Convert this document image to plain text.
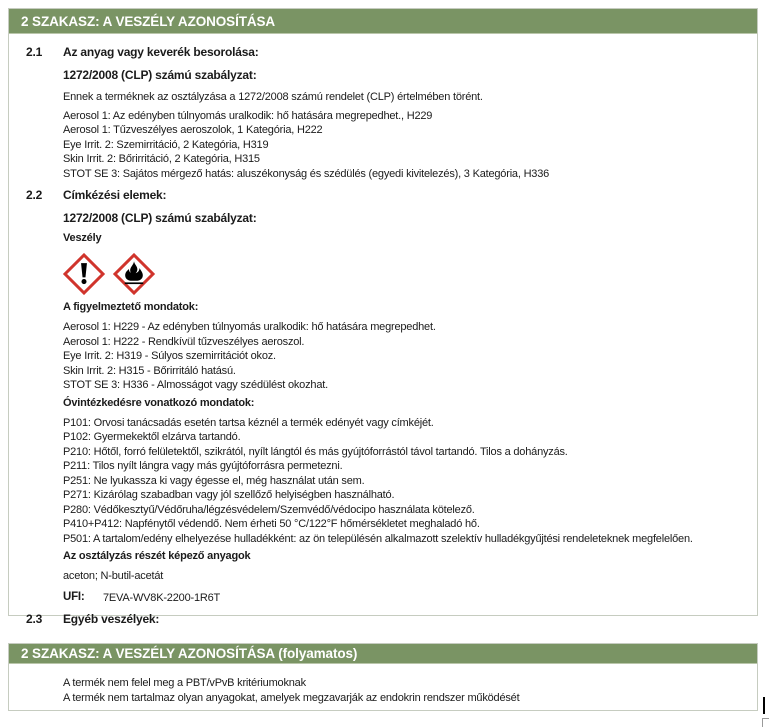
2 SZAKASZ: A VESZÉLY AZONOSÍTÁSA
2.1	Az anyag vagy keverék besorolása:
1272/2008 (CLP) számú szabályzat:
Ennek a terméknek az osztályzása a 1272/2008 számú rendelet (CLP) értelmében törént.
Aerosol 1: Az edényben túlnyomás uralkodik: hő hatására megrepedhet., H229
Aerosol 1: Tűzveszélyes aeroszolok, 1 Kategória, H222
Eye Irrit. 2: Szemirritáció, 2 Kategória, H319
Skin Irrit. 2: Bőrirritáció, 2 Kategória, H315
STOT SE 3: Sajátos mérgező hatás: aluszékonyság és szédülés (egyedi kivitelezés), 3 Kategória, H336
2.2	Címkézési elemek:
1272/2008 (CLP) számú szabályzat:
Veszély
A figyelmeztető mondatok:
Aerosol 1: H229 - Az edényben túlnyomás uralkodik: hő hatására megrepedhet.
Aerosol 1: H222 - Rendkívül tűzveszélyes aeroszol.
Eye Irrit. 2: H319 - Súlyos szemirritációt okoz.
Skin Irrit. 2: H315 - Bőrirritáló hatású.
STOT SE 3: H336 - Almosságot vagy szédülést okozhat.
Óvintézkedésre vonatkozó mondatok:
P101: Orvosi tanácsadás esetén tartsa kéznél a termék edényét vagy címkéjét.
P102: Gyermekektől elzárva tartandó.
P210: Hőtől, forró felületektől, szikrától, nyílt lángtól és más gyújtóforrástól távol tartandó. Tilos a dohányzás.
P211: Tilos nyílt lángra vagy más gyújtóforrásra permetezni.
P251: Ne lyukassza ki vagy égesse el, még használat után sem.
P271: Kizárólag szabadban vagy jól szellőző helyiségben használható.
P280: Védőkesztyű/Védőruha/légzésvédelem/Szemvédő/védocipo használata kötelező.
P410+P412: Napfénytől védendő. Nem érheti 50 °C/122°F hőmérsékletet meghaladó hő.
P501: A tartalom/edény elhelyezése hulladékként: az ön településén alkalmazott szelektív hulladékgyűjtési rendeleteknek megfelelően.
Az osztályzás részét képező anyagok
aceton; N-butil-acetát
UFI:	7EVA-WV8K-2200-1R6T
2.3	Egyéb veszélyek:
2 SZAKASZ: A VESZÉLY AZONOSÍTÁSA (folyamatos)
A termék nem felel meg a PBT/vPvB kritériumoknak
A termék nem tartalmaz olyan anyagokat, amelyek megzavarják az endokrin rendszer működését
